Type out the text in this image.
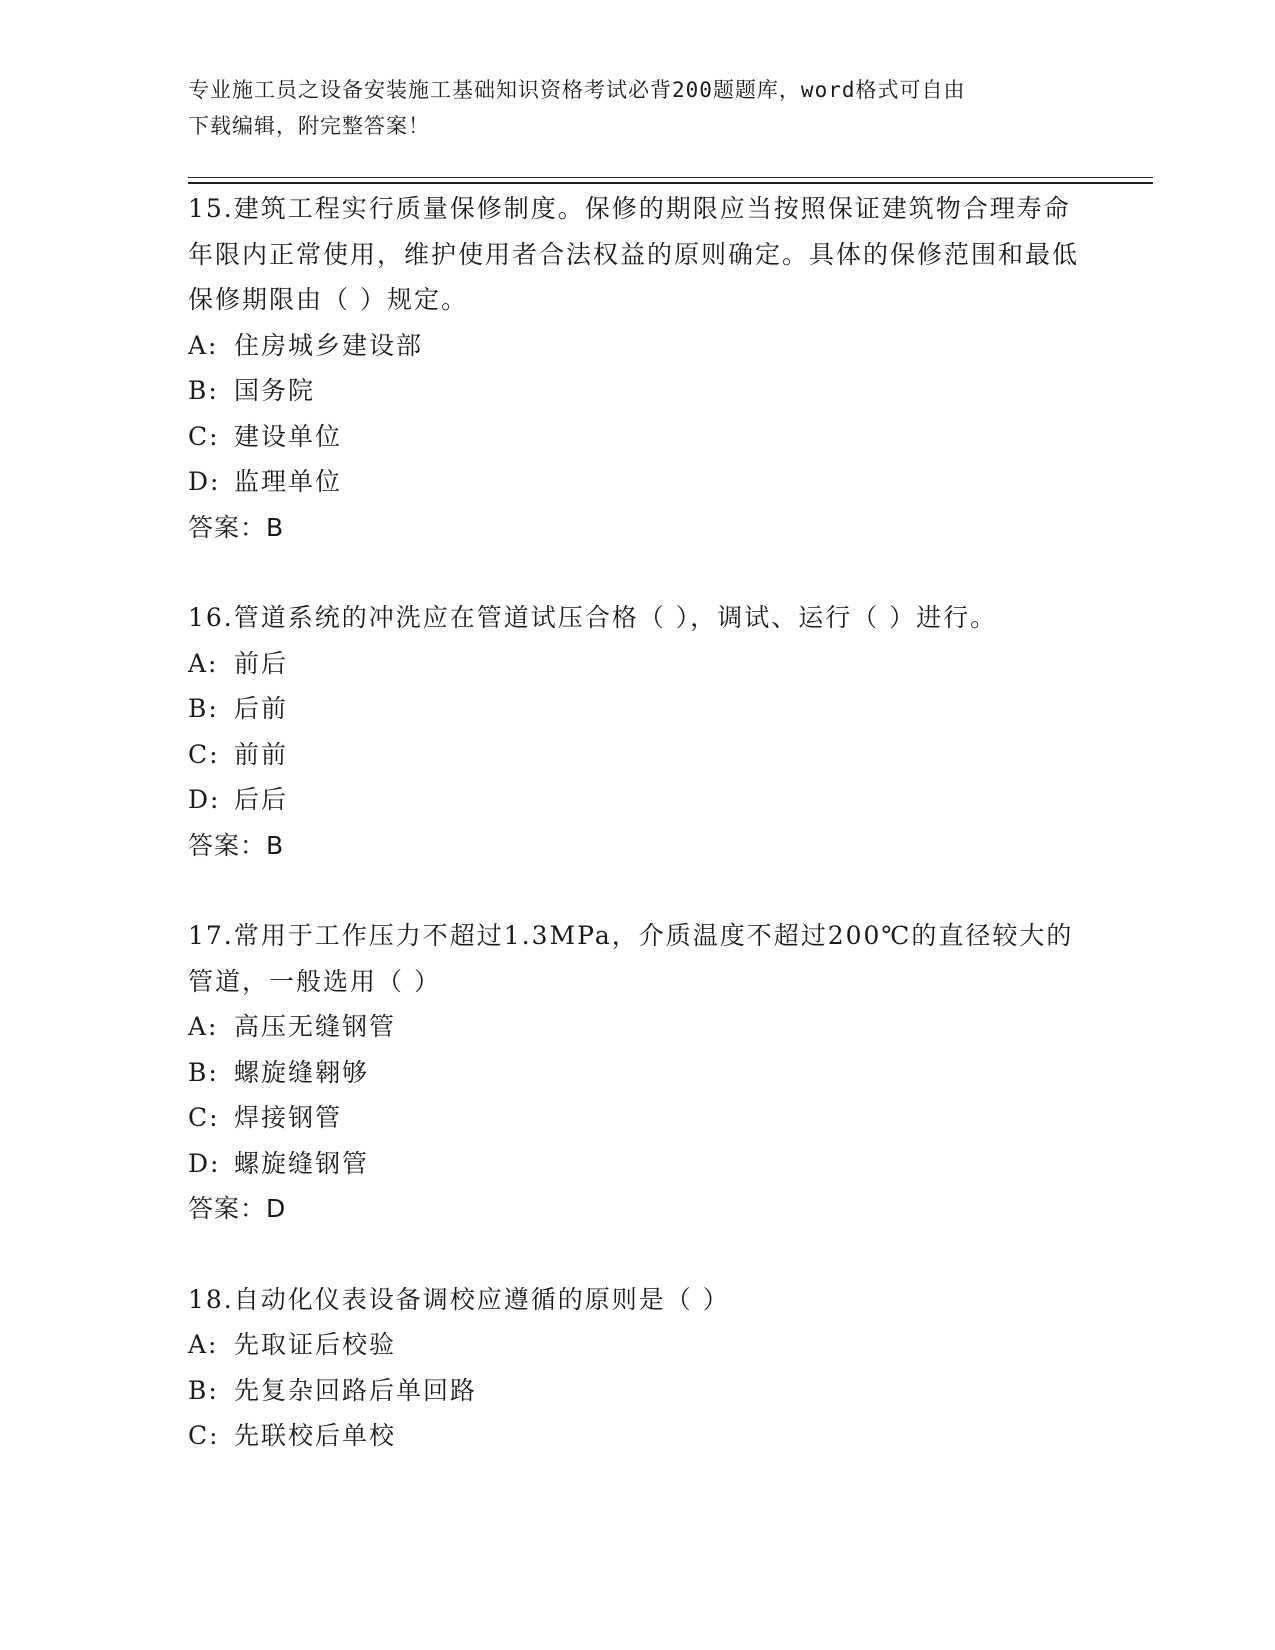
专业施工员之设备安装施工基础知识资格考试必背200题题库，word格式可自由
下载编辑，附完整答案！

15.建筑工程实行质量保修制度。保修的期限应当按照保证建筑物合理寿命年限内正常使用，维护使用者合法权益的原则确定。具体的保修范围和最低保修期限由（ ）规定。

A: 住房城乡建设部

B: 国务院

C: 建设单位

D: 监理单位

答案：B

16.管道系统的冲洗应在管道试压合格（ ），调试、运行（ ）进行。

A: 前后

B: 后前

C: 前前

D: 后后

答案：B

17.常用于工作压力不超过1.3MPa，介质温度不超过200℃的直径较大的管道，一般选用（ ）

A: 高压无缝钢管

B: 螺旋缝翱够

C: 焊接钢管

D: 螺旋缝钢管

答案：D

18.自动化仪表设备调校应遵循的原则是（ ）

A: 先取证后校验

B: 先复杂回路后单回路

C: 先联校后单校
